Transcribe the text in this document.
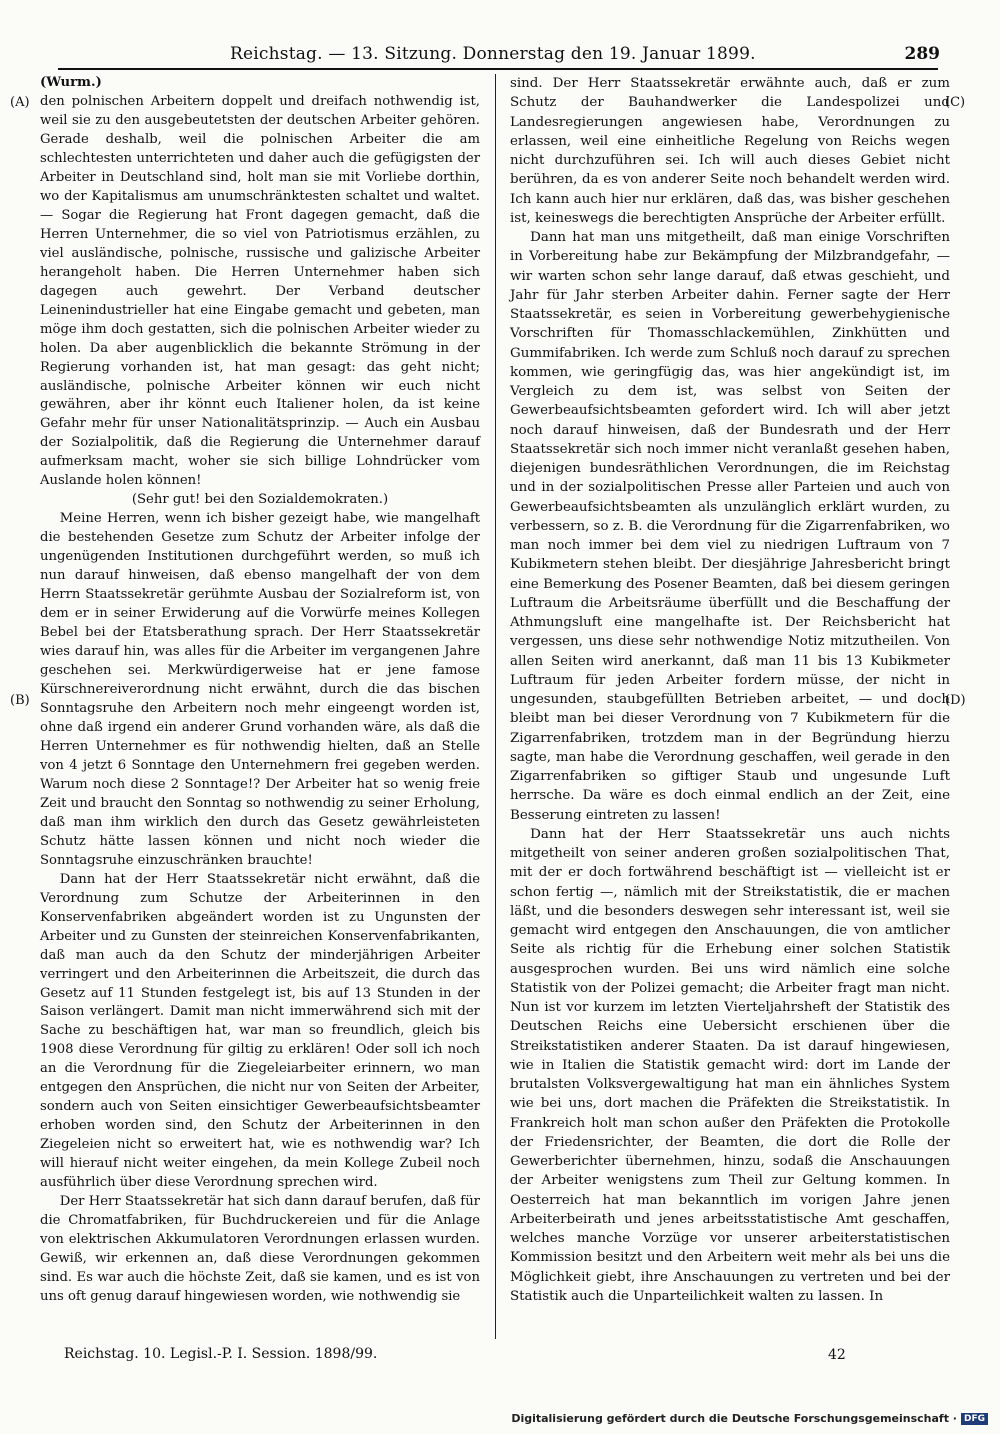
Reichstag. — 13. Sitzung. Donnerstag den 19. Januar 1899.	289
(A)
(B)
(C)
(D)

(Wurm.)

den polnischen Arbeitern doppelt und dreifach nothwendig ist, weil sie zu den ausgebeutetsten der deutschen Arbeiter gehören. Gerade deshalb, weil die polnischen Arbeiter die am schlechtesten unterrichteten und daher auch die gefügigsten der Arbeiter in Deutschland sind, holt man sie mit Vorliebe dorthin, wo der Kapitalismus am unumschränktesten schaltet und waltet. — Sogar die Regierung hat Front dagegen gemacht, daß die Herren Unternehmer, die so viel von Patriotismus erzählen, zu viel ausländische, polnische, russische und galizische Arbeiter herangeholt haben. Die Herren Unternehmer haben sich dagegen auch gewehrt. Der Verband deutscher Leinenindustrieller hat eine Eingabe gemacht und gebeten, man möge ihm doch gestatten, sich die polnischen Arbeiter wieder zu holen. Da aber augenblicklich die bekannte Strömung in der Regierung vorhanden ist, hat man gesagt: das geht nicht; ausländische, polnische Arbeiter können wir euch nicht gewähren, aber ihr könnt euch Italiener holen, da ist keine Gefahr mehr für unser Nationalitätsprinzip. — Auch ein Ausbau der Sozialpolitik, daß die Regierung die Unternehmer darauf aufmerksam macht, woher sie sich billige Lohndrücker vom Auslande holen können!

(Sehr gut! bei den Sozialdemokraten.)

Meine Herren, wenn ich bisher gezeigt habe, wie mangelhaft die bestehenden Gesetze zum Schutz der Arbeiter infolge der ungenügenden Institutionen durchgeführt werden, so muß ich nun darauf hinweisen, daß ebenso mangelhaft der von dem Herrn Staatssekretär gerühmte Ausbau der Sozialreform ist, von dem er in seiner Erwiderung auf die Vorwürfe meines Kollegen Bebel bei der Etatsberathung sprach. Der Herr Staatssekretär wies darauf hin, was alles für die Arbeiter im vergangenen Jahre geschehen sei. Merkwürdigerweise hat er jene famose Kürschnereiverordnung nicht erwähnt, durch die das bischen Sonntagsruhe den Arbeitern noch mehr eingeengt worden ist, ohne daß irgend ein anderer Grund vorhanden wäre, als daß die Herren Unternehmer es für nothwendig hielten, daß an Stelle von 4 jetzt 6 Sonntage den Unternehmern frei gegeben werden. Warum noch diese 2 Sonntage!? Der Arbeiter hat so wenig freie Zeit und braucht den Sonntag so nothwendig zu seiner Erholung, daß man ihm wirklich den durch das Gesetz gewährleisteten Schutz hätte lassen können und nicht noch wieder die Sonntagsruhe einzuschränken brauchte!

Dann hat der Herr Staatssekretär nicht erwähnt, daß die Verordnung zum Schutze der Arbeiterinnen in den Konservenfabriken abgeändert worden ist zu Ungunsten der Arbeiter und zu Gunsten der steinreichen Konservenfabrikanten, daß man auch da den Schutz der minderjährigen Arbeiter verringert und den Arbeiterinnen die Arbeitszeit, die durch das Gesetz auf 11 Stunden festgelegt ist, bis auf 13 Stunden in der Saison verlängert. Damit man nicht immerwährend sich mit der Sache zu beschäftigen hat, war man so freundlich, gleich bis 1908 diese Verordnung für giltig zu erklären! Oder soll ich noch an die Verordnung für die Ziegeleiarbeiter erinnern, wo man entgegen den Ansprüchen, die nicht nur von Seiten der Arbeiter, sondern auch von Seiten einsichtiger Gewerbeaufsichtsbeamter erhoben worden sind, den Schutz der Arbeiterinnen in den Ziegeleien nicht so erweitert hat, wie es nothwendig war? Ich will hierauf nicht weiter eingehen, da mein Kollege Zubeil noch ausführlich über diese Verordnung sprechen wird.

Der Herr Staatssekretär hat sich dann darauf berufen, daß für die Chromatfabriken, für Buchdruckereien und für die Anlage von elektrischen Akkumulatoren Verordnungen erlassen wurden. Gewiß, wir erkennen an, daß diese Verordnungen gekommen sind. Es war auch die höchste Zeit, daß sie kamen, und es ist von uns oft genug darauf hingewiesen worden, wie nothwendig sie

sind. Der Herr Staatssekretär erwähnte auch, daß er zum Schutz der Bauhandwerker die Landespolizei und Landesregierungen angewiesen habe, Verordnungen zu erlassen, weil eine einheitliche Regelung von Reichs wegen nicht durchzuführen sei. Ich will auch dieses Gebiet nicht berühren, da es von anderer Seite noch behandelt werden wird. Ich kann auch hier nur erklären, daß das, was bisher geschehen ist, keineswegs die berechtigten Ansprüche der Arbeiter erfüllt.

Dann hat man uns mitgetheilt, daß man einige Vorschriften in Vorbereitung habe zur Bekämpfung der Milzbrandgefahr, — wir warten schon sehr lange darauf, daß etwas geschieht, und Jahr für Jahr sterben Arbeiter dahin. Ferner sagte der Herr Staatssekretär, es seien in Vorbereitung gewerbehygienische Vorschriften für Thomasschlackemühlen, Zinkhütten und Gummifabriken. Ich werde zum Schluß noch darauf zu sprechen kommen, wie geringfügig das, was hier angekündigt ist, im Vergleich zu dem ist, was selbst von Seiten der Gewerbeaufsichtsbeamten gefordert wird. Ich will aber jetzt noch darauf hinweisen, daß der Bundesrath und der Herr Staatssekretär sich noch immer nicht veranlaßt gesehen haben, diejenigen bundesräthlichen Verordnungen, die im Reichstag und in der sozialpolitischen Presse aller Parteien und auch von Gewerbeaufsichtsbeamten als unzulänglich erklärt wurden, zu verbessern, so z. B. die Verordnung für die Zigarrenfabriken, wo man noch immer bei dem viel zu niedrigen Luftraum von 7 Kubikmetern stehen bleibt. Der diesjährige Jahresbericht bringt eine Bemerkung des Posener Beamten, daß bei diesem geringen Luftraum die Arbeitsräume überfüllt und die Beschaffung der Athmungsluft eine mangelhafte ist. Der Reichsbericht hat vergessen, uns diese sehr nothwendige Notiz mitzutheilen. Von allen Seiten wird anerkannt, daß man 11 bis 13 Kubikmeter Luftraum für jeden Arbeiter fordern müsse, der nicht in ungesunden, staubgefüllten Betrieben arbeitet, — und doch bleibt man bei dieser Verordnung von 7 Kubikmetern für die Zigarrenfabriken, trotzdem man in der Begründung hierzu sagte, man habe die Verordnung geschaffen, weil gerade in den Zigarrenfabriken so giftiger Staub und ungesunde Luft herrsche. Da wäre es doch einmal endlich an der Zeit, eine Besserung eintreten zu lassen!

Dann hat der Herr Staatssekretär uns auch nichts mitgetheilt von seiner anderen großen sozialpolitischen That, mit der er doch fortwährend beschäftigt ist — vielleicht ist er schon fertig —, nämlich mit der Streikstatistik, die er machen läßt, und die besonders deswegen sehr interessant ist, weil sie gemacht wird entgegen den Anschauungen, die von amtlicher Seite als richtig für die Erhebung einer solchen Statistik ausgesprochen wurden. Bei uns wird nämlich eine solche Statistik von der Polizei gemacht; die Arbeiter fragt man nicht. Nun ist vor kurzem im letzten Vierteljahrsheft der Statistik des Deutschen Reichs eine Uebersicht erschienen über die Streikstatistiken anderer Staaten. Da ist darauf hingewiesen, wie in Italien die Statistik gemacht wird: dort im Lande der brutalsten Volksvergewaltigung hat man ein ähnliches System wie bei uns, dort machen die Präfekten die Streikstatistik. In Frankreich holt man schon außer den Präfekten die Protokolle der Friedensrichter, der Beamten, die dort die Rolle der Gewerberichter übernehmen, hinzu, sodaß die Anschauungen der Arbeiter wenigstens zum Theil zur Geltung kommen. In Oesterreich hat man bekanntlich im vorigen Jahre jenen Arbeiterbeirath und jenes arbeitsstatistische Amt geschaffen, welches manche Vorzüge vor unserer arbeiterstatistischen Kommission besitzt und den Arbeitern weit mehr als bei uns die Möglichkeit giebt, ihre Anschauungen zu vertreten und bei der Statistik auch die Unparteilichkeit walten zu lassen. In

Reichstag. 10. Legisl.-P. I. Session. 1898/99.	42
Digitalisierung gefördert durch die Deutsche Forschungsgemeinschaft · DFG
